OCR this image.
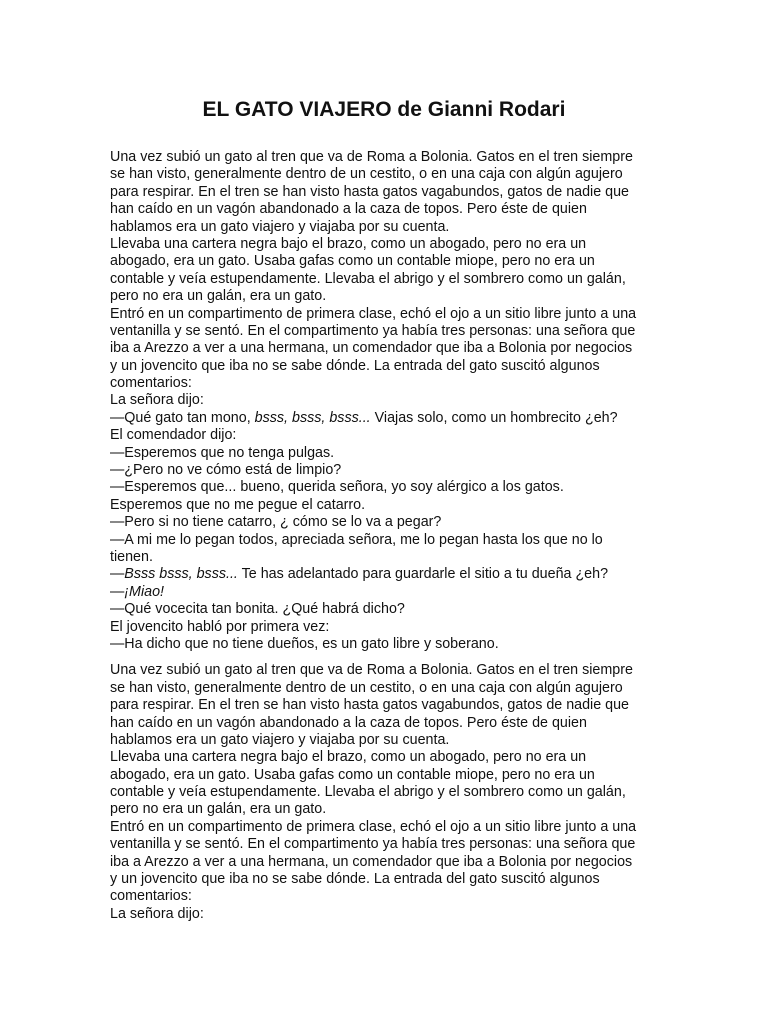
EL GATO VIAJERO de Gianni Rodari
Una vez subió un gato al tren que va de Roma a Bolonia. Gatos en el tren siempre
se han visto, generalmente dentro de un cestito, o en una caja con algún agujero
para respirar. En el tren se han visto hasta gatos vagabundos, gatos de nadie que
han caído en un vagón abandonado a la caza de topos. Pero éste de quien
hablamos era un gato viajero y viajaba por su cuenta.
Llevaba una cartera negra bajo el brazo, como un abogado, pero no era un
abogado, era un gato. Usaba gafas como un contable miope, pero no era un
contable y veía estupendamente. Llevaba el abrigo y el sombrero como un galán,
pero no era un galán, era un gato.
Entró en un compartimento de primera clase, echó el ojo a un sitio libre junto a una
ventanilla y se sentó. En el compartimento ya había tres personas: una señora que
iba a Arezzo a ver a una hermana, un comendador que iba a Bolonia por negocios
y un jovencito que iba no se sabe dónde. La entrada del gato suscitó algunos
comentarios:
La señora dijo:
—Qué gato tan mono, bsss, bsss, bsss... Viajas solo, como un hombrecito ¿eh?
El comendador dijo:
—Esperemos que no tenga pulgas.
—¿Pero no ve cómo está de limpio?
—Esperemos que... bueno, querida señora, yo soy alérgico a los gatos.
Esperemos que no me pegue el catarro.
—Pero si no tiene catarro, ¿ cómo se lo va a pegar?
—A mi me lo pegan todos, apreciada señora, me lo pegan hasta los que no lo
tienen.
—Bsss bsss, bsss... Te has adelantado para guardarle el sitio a tu dueña ¿eh?
—¡Miao!
—Qué vocecita tan bonita. ¿Qué habrá dicho?
El jovencito habló por primera vez:
—Ha dicho que no tiene dueños, es un gato libre y soberano.
Una vez subió un gato al tren que va de Roma a Bolonia. Gatos en el tren siempre
se han visto, generalmente dentro de un cestito, o en una caja con algún agujero
para respirar. En el tren se han visto hasta gatos vagabundos, gatos de nadie que
han caído en un vagón abandonado a la caza de topos. Pero éste de quien
hablamos era un gato viajero y viajaba por su cuenta.
Llevaba una cartera negra bajo el brazo, como un abogado, pero no era un
abogado, era un gato. Usaba gafas como un contable miope, pero no era un
contable y veía estupendamente. Llevaba el abrigo y el sombrero como un galán,
pero no era un galán, era un gato.
Entró en un compartimento de primera clase, echó el ojo a un sitio libre junto a una
ventanilla y se sentó. En el compartimento ya había tres personas: una señora que
iba a Arezzo a ver a una hermana, un comendador que iba a Bolonia por negocios
y un jovencito que iba no se sabe dónde. La entrada del gato suscitó algunos
comentarios:
La señora dijo:
